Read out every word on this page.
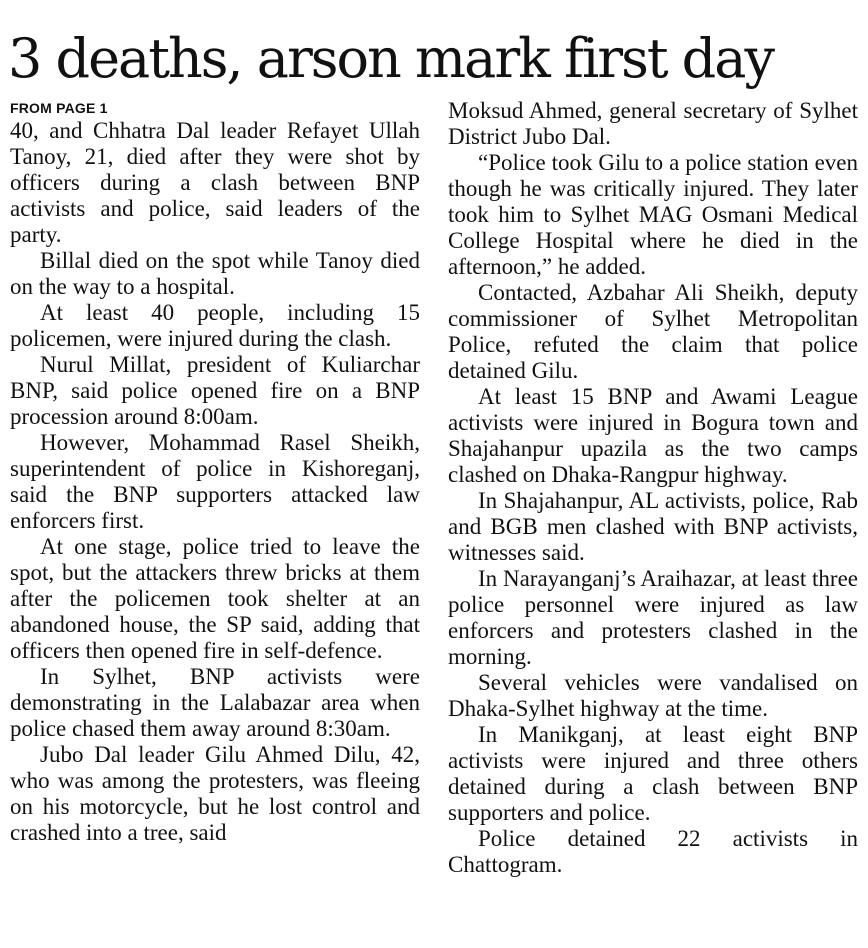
3 deaths, arson mark first day
FROM PAGE 1

40, and Chhatra Dal leader Refayet Ullah Tanoy, 21, died after they were shot by officers during a clash between BNP activists and police, said leaders of the party.

Billal died on the spot while Tanoy died on the way to a hospital.

At least 40 people, including 15 policemen, were injured during the clash.

Nurul Millat, president of Kuliarchar BNP, said police opened fire on a BNP procession around 8:00am.

However, Mohammad Rasel Sheikh, superintendent of police in Kishoreganj, said the BNP supporters attacked law enforcers first.

At one stage, police tried to leave the spot, but the attackers threw bricks at them after the policemen took shelter at an abandoned house, the SP said, adding that officers then opened fire in self-defence.

In Sylhet, BNP activists were demonstrating in the Lalabazar area when police chased them away around 8:30am.

Jubo Dal leader Gilu Ahmed Dilu, 42, who was among the protesters, was fleeing on his motorcycle, but he lost control and crashed into a tree, said

Moksud Ahmed, general secretary of Sylhet District Jubo Dal.

“Police took Gilu to a police station even though he was critically injured. They later took him to Sylhet MAG Osmani Medical College Hospital where he died in the afternoon,” he added.

Contacted, Azbahar Ali Sheikh, deputy commissioner of Sylhet Metropolitan Police, refuted the claim that police detained Gilu.

At least 15 BNP and Awami League activists were injured in Bogura town and Shajahanpur upazila as the two camps clashed on Dhaka-Rangpur highway.

In Shajahanpur, AL activists, police, Rab and BGB men clashed with BNP activists, witnesses said.

In Narayanganj’s Araihazar, at least three police personnel were injured as law enforcers and protesters clashed in the morning.

Several vehicles were vandalised on Dhaka-Sylhet highway at the time.

In Manikganj, at least eight BNP activists were injured and three others detained during a clash between BNP supporters and police.

Police detained 22 activists in Chattogram.
